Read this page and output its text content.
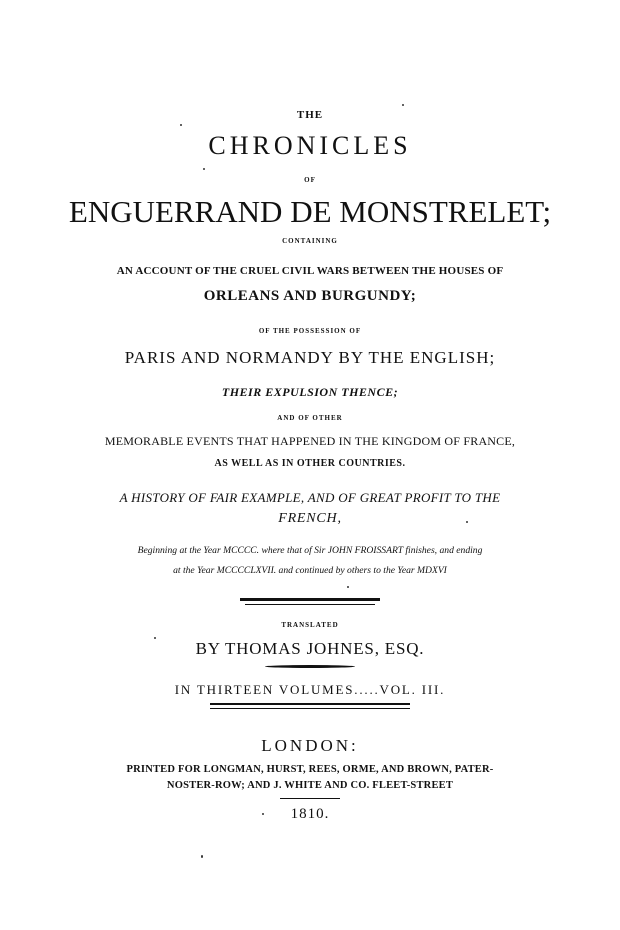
THE
CHRONICLES
OF
ENGUERRAND DE MONSTRELET;
CONTAINING
AN ACCOUNT OF THE CRUEL CIVIL WARS BETWEEN THE HOUSES OF
ORLEANS AND BURGUNDY;
OF THE POSSESSION OF
PARIS AND NORMANDY BY THE ENGLISH;
THEIR EXPULSION THENCE;
AND OF OTHER
MEMORABLE EVENTS THAT HAPPENED IN THE KINGDOM OF FRANCE,
AS WELL AS IN OTHER COUNTRIES.
A HISTORY OF FAIR EXAMPLE, AND OF GREAT PROFIT TO THE
FRENCH,
Beginning at the Year MCCCC. where that of Sir JOHN FROISSART finishes, and ending
at the Year MCCCCLXVII. and continued by others to the Year MDXVI
TRANSLATED
BY THOMAS JOHNES, ESQ.
IN THIRTEEN VOLUMES.....VOL. III.
LONDON:
PRINTED FOR LONGMAN, HURST, REES, ORME, AND BROWN, PATER-
NOSTER-ROW; AND J. WHITE AND CO. FLEET-STREET
1810.
